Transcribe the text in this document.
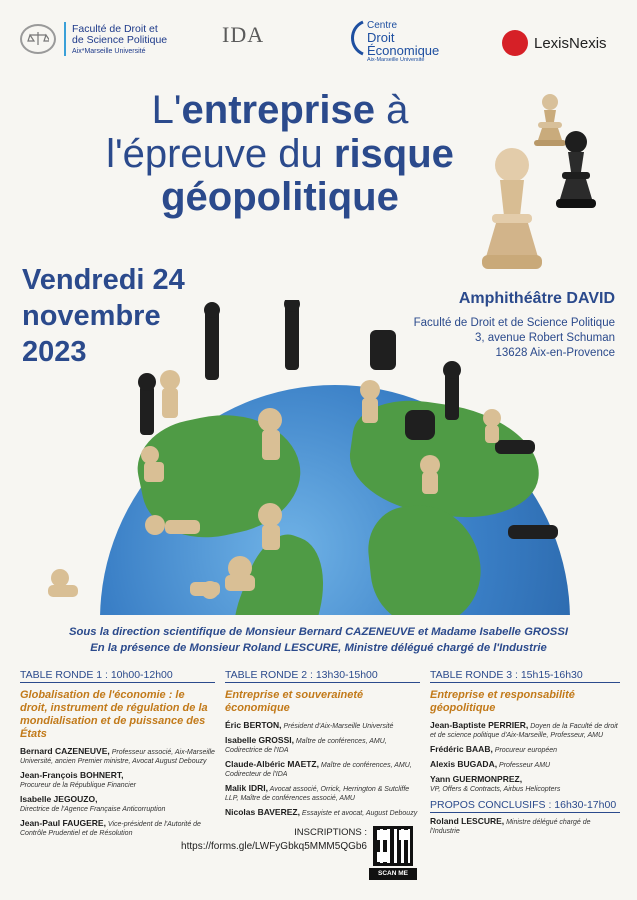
Faculté de Droit et
de Science Politique
Aix*Marseille Université
IDA	Centre
Droit
Économique
Aix-Marseille Université
LexisNexis
L'entreprise à
l'épreuve du risque
géopolitique
Vendredi 24
novembre
2023
Amphithéâtre DAVID
Faculté de Droit et de Science Politique
3, avenue Robert Schuman
13628 Aix-en-Provence
Sous la direction scientifique de Monsieur Bernard CAZENEUVE et Madame Isabelle GROSSI
En la présence de Monsieur Roland LESCURE, Ministre délégué chargé de l'Industrie
TABLE RONDE 1 : 10h00-12h00
Globalisation de l'économie : le droit, instrument de régulation de la mondialisation et de puissance des États
Bernard CAZENEUVE, Professeur associé, Aix-Marseille Université, ancien Premier ministre, Avocat August Debouzy
Jean-François BOHNERT,
Procureur de la République Financier
Isabelle JEGOUZO,
Directrice de l'Agence Française Anticorruption
Jean-Paul FAUGERE, Vice-président de l'Autorité de Contrôle Prudentiel et de Résolution
TABLE RONDE 2 : 13h30-15h00
Entreprise et souveraineté économique
Éric BERTON, Président d'Aix-Marseille Université
Isabelle GROSSI, Maître de conférences, AMU, Codirectrice de l'IDA
Claude-Albéric MAETZ, Maître de conférences, AMU, Codirecteur de l'IDA
Malik IDRI, Avocat associé, Orrick, Herrington & Sutcliffe LLP, Maître de conférences associé, AMU
Nicolas BAVEREZ, Essayiste et avocat, August Debouzy
TABLE RONDE 3 : 15h15-16h30
Entreprise et responsabilité géopolitique
Jean-Baptiste PERRIER, Doyen de la Faculté de droit et de science politique d'Aix-Marseille, Professeur, AMU
Frédéric BAAB, Procureur européen
Alexis BUGADA, Professeur AMU
Yann GUERMONPREZ,
VP, Offers & Contracts, Airbus Helicopters
PROPOS CONCLUSIFS : 16h30-17h00
Roland LESCURE, Ministre délégué chargé de l'Industrie
INSCRIPTIONS :
https://forms.gle/LWFyGbkq5MMM5QGb6
SCAN ME
